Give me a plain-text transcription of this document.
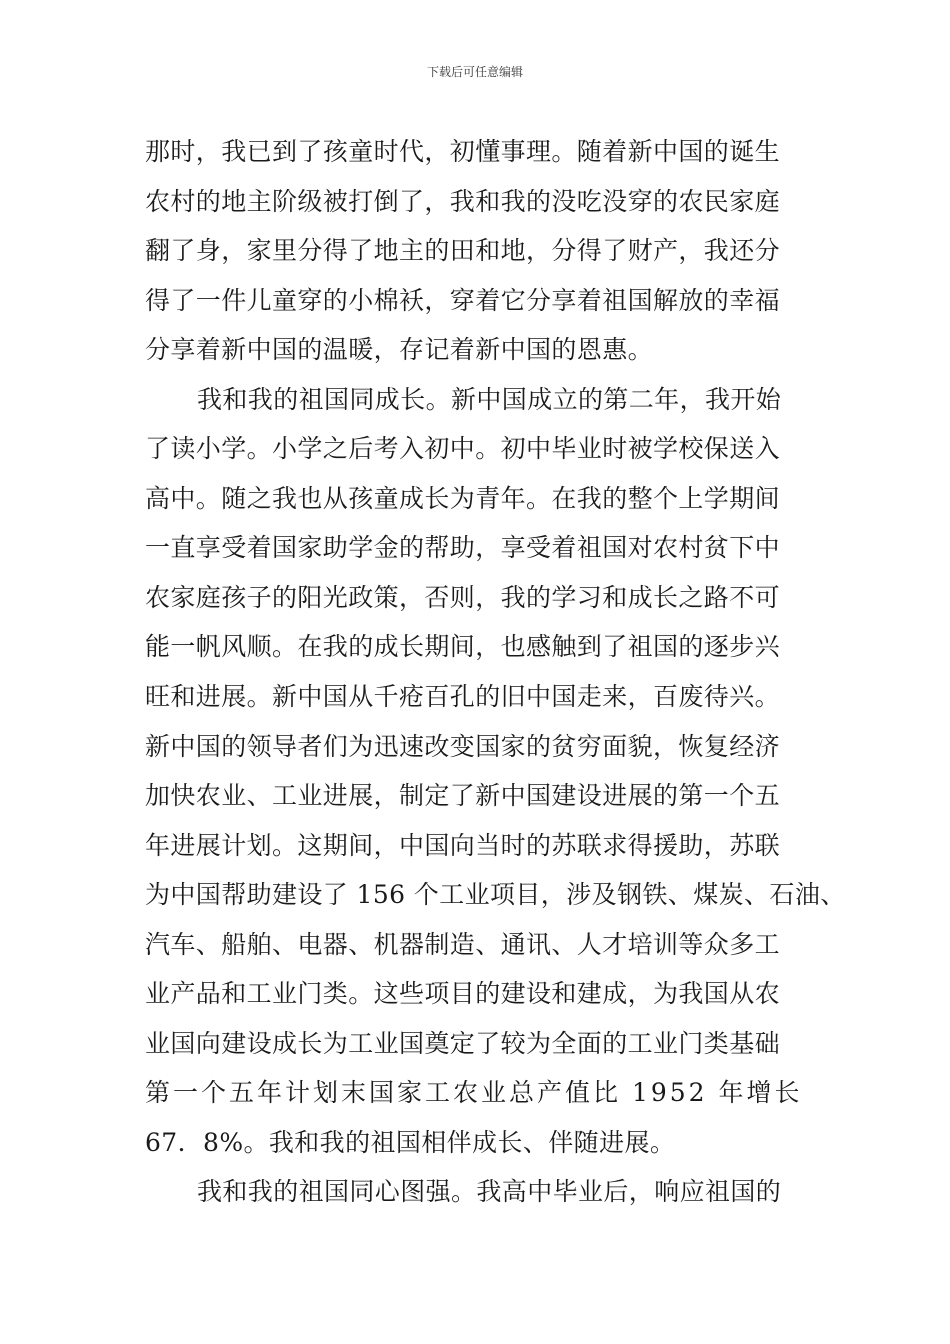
下载后可任意编辑
那时，我已到了孩童时代，初懂事理。随着新中国的诞生
农村的地主阶级被打倒了，我和我的没吃没穿的农民家庭
翻了身，家里分得了地主的田和地，分得了财产，我还分
得了一件儿童穿的小棉袄，穿着它分享着祖国解放的幸福
分享着新中国的温暖，存记着新中国的恩惠。
我和我的祖国同成长。新中国成立的第二年，我开始
了读小学。小学之后考入初中。初中毕业时被学校保送入
高中。随之我也从孩童成长为青年。在我的整个上学期间
一直享受着国家助学金的帮助，享受着祖国对农村贫下中
农家庭孩子的阳光政策，否则，我的学习和成长之路不可
能一帆风顺。在我的成长期间，也感触到了祖国的逐步兴
旺和进展。新中国从千疮百孔的旧中国走来，百废待兴。
新中国的领导者们为迅速改变国家的贫穷面貌，恢复经济
加快农业、工业进展，制定了新中国建设进展的第一个五
年进展计划。这期间，中国向当时的苏联求得援助，苏联
为中国帮助建设了 156 个工业项目，涉及钢铁、煤炭、石油、
汽车、船舶、电器、机器制造、通讯、人才培训等众多工
业产品和工业门类。这些项目的建设和建成，为我国从农
业国向建设成长为工业国奠定了较为全面的工业门类基础
第一个五年计划末国家工农业总产值比 1952 年增长
67．8%。我和我的祖国相伴成长、伴随进展。
我和我的祖国同心图强。我高中毕业后，响应祖国的
